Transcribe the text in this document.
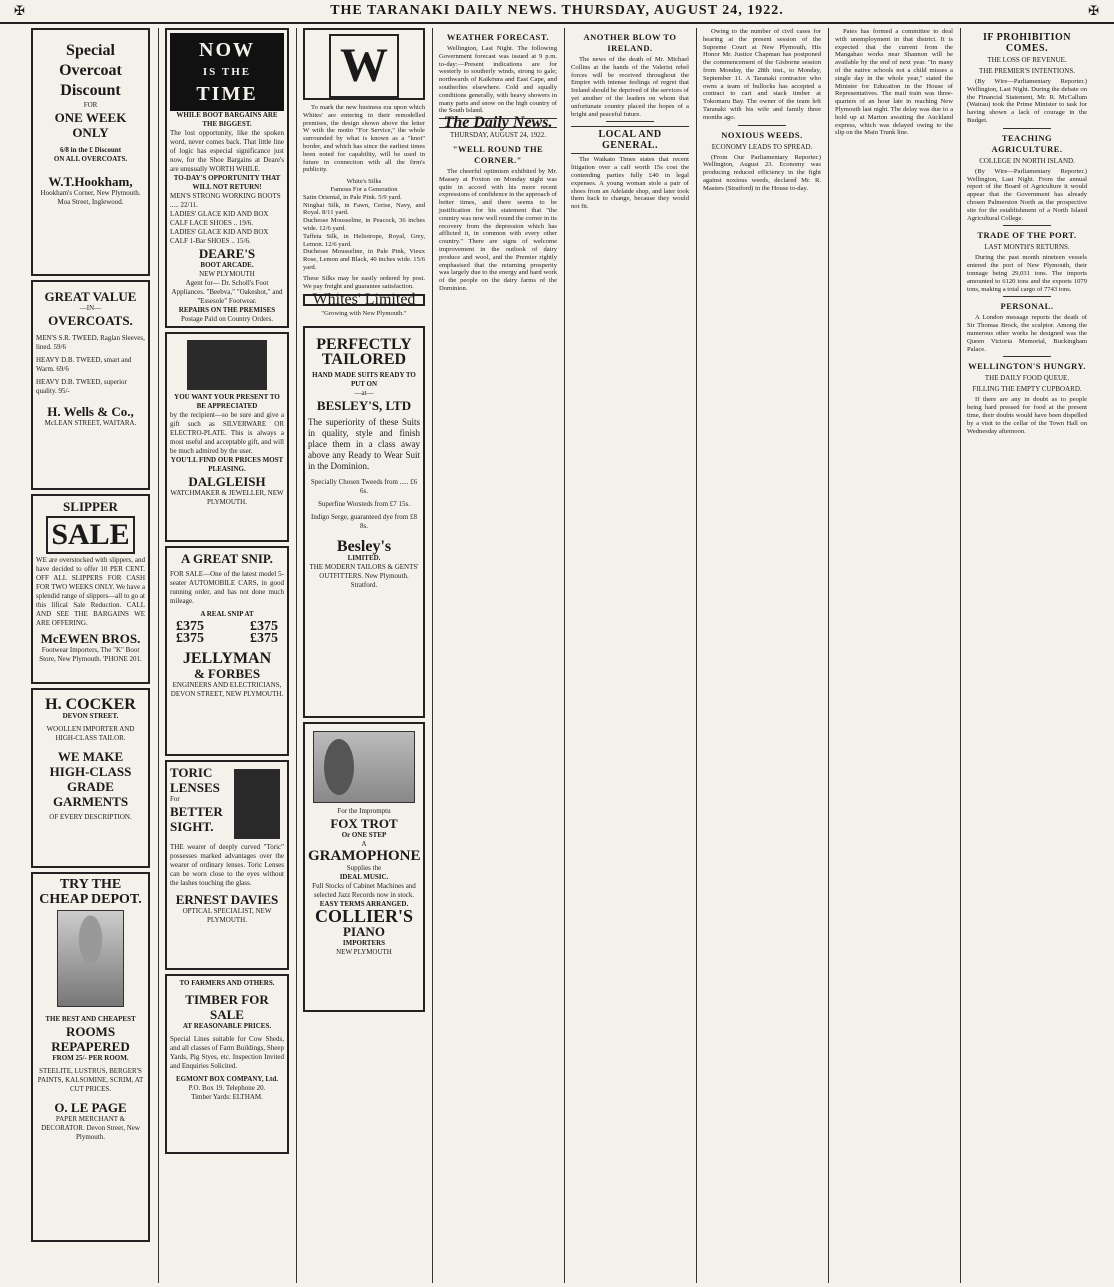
✠	THE TARANAKI DAILY NEWS. THURSDAY, AUGUST 24, 1922.	✠
Special
Overcoat
Discount
FOR
ONE WEEK
ONLY
6/8 in the £ Discount
ON ALL OVERCOATS.
W.T.Hookham,
Hookham's Corner, New Plymouth.
Moa Street, Inglewood.
GREAT VALUE
—IN—
OVERCOATS.
MEN'S S.R. TWEED, Raglan Sleeves, lined. 59/6
HEAVY D.B. TWEED, smart and Warm. 69/6
HEAVY D.B. TWEED, superior quality. 95/-
H. Wells & Co.,
McLEAN STREET, WAITARA.
SLIPPER
SALE
WE are overstocked with slippers, and have decided to offer 10 PER CENT. OFF ALL SLIPPERS FOR CASH FOR TWO WEEKS ONLY. We have a splendid range of slippers—all to go at this lifical Sale Reduction. CALL AND SEE THE BARGAINS WE ARE OFFERING.
McEWEN BROS.
Footwear Importers, The "K" Boot Store, New Plymouth. 'PHONE 201.
H. COCKER
DEVON STREET.
WOOLLEN IMPORTER AND HIGH-CLASS TAILOR.
WE MAKE
HIGH-CLASS
GRADE
GARMENTS
OF EVERY DESCRIPTION.
TRY THE CHEAP DEPOT.
THE BEST AND CHEAPEST
ROOMS REPAPERED
FROM 25/- PER ROOM.
STEELITE, LUSTRUS, BERGER'S PAINTS, KALSOMINE, SCRIM, AT CUT PRICES.
O. LE PAGE
PAPER MERCHANT & DECORATOR. Devon Street, New Plymouth.
NOW
IS THE
TIME
WHILE BOOT BARGAINS ARE THE BIGGEST.
The lost opportunity, like the spoken word, never comes back. That little line of logic has especial significance just now, for the Shoe Bargains at Deare's are unusually WORTH WHILE.
TO-DAY'S OPPORTUNITY THAT WILL NOT RETURN!
MEN'S STRONG WORKING BOOTS ..... 22/11.
LADIES' GLACE KID AND BOX CALF LACE SHOES .. 19/6.
LADIES' GLACE KID AND BOX CALF 1-Bar SHOES .. 15/6.
DEARE'S
BOOT ARCADE.
NEW PLYMOUTH
Agent for— Dr. Scholl's Foot Appliances. "Beebva," "Oakeshot," and "Essesole" Footwear.
REPAIRS ON THE PREMISES
Postage Paid on Country Orders.
YOU WANT YOUR PRESENT TO BE APPRECIATED
by the recipient—so be sure and give a gift such as SILVERWARE OR ELECTRO-PLATE. This is always a most useful and acceptable gift, and will be much admired by the user.
YOU'LL FIND OUR PRICES MOST PLEASING.
DALGLEISH
WATCHMAKER & JEWELLER, NEW PLYMOUTH.
A GREAT SNIP.
FOR SALE—One of the latest model 5-seater AUTOMOBILE CARS, in good running order, and has not done much mileage.
A REAL SNIP AT
£375	£375
£375	£375
JELLYMAN
& FORBES
ENGINEERS AND ELECTRICIANS, DEVON STREET, NEW PLYMOUTH.
TORIC
LENSES
For
BETTER
SIGHT.
THE wearer of deeply curved "Toric" possesses marked advantages over the wearer of ordinary lenses. Toric Lenses can be worn close to the eyes without the lashes touching the glass.
ERNEST DAVIES
OPTICAL SPECIALIST, NEW PLYMOUTH.
TO FARMERS AND OTHERS.
TIMBER FOR SALE
AT REASONABLE PRICES.
Special Lines suitable for Cow Sheds, and all classes of Farm Buildings, Sheep Yards, Pig Styes, etc. Inspection Invited and Enquiries Solicited.
EGMONT BOX COMPANY, Ltd.
P.O. Box 19. Telephone 20.
Timber Yards: ELTHAM.
W
To mark the new business era upon which Whites' are entering in their remodelled premises, the design shown above the letter W with the motto "For Service," the whole surrounded by what is known as a "knot" border, and which has since the earliest times been noted for capability, will be used in future in connection with all the firm's publicity.
White's Silks
Famous For a Generation
Satin Oriental, in Pale Pink. 5/9 yard.
Ninghai Silk, in Fawn, Cerise, Navy, and Royal. 8/11 yard.
Duchesse Mousseline, in Peacock, 36 inches wide. 12/6 yard.
Taffeta Silk, in Heliotrope, Royal, Grey, Lemon. 12/6 yard.
Duchesse Mousseline, in Pale Pink, Vieux Rose, Lemon and Black, 40 inches wide. 15/6 yard.
These Silks may be easily ordered by post. We pay freight and guarantee satisfaction.
Whites' Limited
"Growing with New Plymouth."
PERFECTLY
TAILORED
HAND MADE SUITS READY TO PUT ON
—at—
BESLEY'S, LTD
The superiority of these Suits in quality, style and finish place them in a class away above any Ready to Wear Suit in the Dominion.
Specially Chosen Tweeds from ..... £6 6s.
Superfine Worsteds from £7 15s.
Indigo Serge, guaranteed dye from £8 8s.
Besley's
LIMITED.
THE MODERN TAILORS & GENTS' OUTFITTERS. New Plymouth. Stratford.
For the Impromptu
FOX TROT
Or ONE STEP
A
GRAMOPHONE
Supplies the
IDEAL MUSIC.
Full Stocks of Cabinet Machines and selected Jazz Records now in stock.
EASY TERMS ARRANGED.
COLLIER'S
PIANO
IMPORTERS
NEW PLYMOUTH
WEATHER FORECAST.
Wellington, Last Night. The following Government forecast was issued at 9 p.m. to-day:—Present indications are for westerly to southerly winds, strong to gale; northwards of Kaikōura and East Cape, and southerlies elsewhere. Cold and squally conditions generally, with heavy showers in many parts and snow on the high country of the South Island.
The Daily News.
THURSDAY, AUGUST 24, 1922.
"WELL ROUND THE CORNER."
The cheerful optimism exhibited by Mr. Massey at Foxton on Monday night was quite in accord with his more recent expressions of confidence in the approach of better times, and there seems to be justification for his statement that "the country was now well round the corner in its recovery from the depression which has afflicted it, in common with every other country." There are signs of welcome improvement in the outlook of dairy produce and wool, and the Premier rightly emphasised that the returning prosperity was largely due to the energy and hard work of the people on the dairy farms of the Dominion.
ANOTHER BLOW TO IRELAND.
The news of the death of Mr. Michael Collins at the hands of the Valerist rebel forces will be received throughout the Empire with intense feelings of regret that Ireland should be deprived of the services of yet another of the leaders on whom that unfortunate country placed the hopes of a bright and peaceful future.
LOCAL AND GENERAL.
The Waikato Times states that recent litigation over a calf worth 15s cost the contending parties fully £40 in legal expenses. A young woman stole a pair of shoes from an Adelaide shop, and later took them back to change, because they would not fit.
Owing to the number of civil cases for hearing at the present session of the Supreme Court at New Plymouth, His Honor Mr. Justice Chapman has postponed the commencement of the Gisborne session from Monday, the 28th inst., to Monday, September 11. A Taranaki contractor who owns a team of bullocks has accepted a contract to cart and stack timber at Tokomaru Bay. The owner of the team left Taranaki with his wife and family three months ago.
NOXIOUS WEEDS.
ECONOMY LEADS TO SPREAD.
(From Our Parliamentary Reporter.) Wellington, August 23. Economy was producing reduced efficiency in the fight against noxious weeds, declared Mr. R. Masters (Stratford) in the House to-day.
Pates has formed a committee to deal with unemployment in that district. It is expected that the current from the Mangahao works near Shannon will be available by the end of next year. "In many of the native schools not a child misses a single day in the whole year," stated the Minister for Education in the House of Representatives. The mail train was three-quarters of an hour late in reaching New Plymouth last night. The delay was due to a hold up at Marton awaiting the Auckland express, which was delayed owing to the slip on the Main Trunk line.
IF PROHIBITION COMES.
THE LOSS OF REVENUE.
THE PREMIER'S INTENTIONS.
(By Wire—Parliamentary Reporter.) Wellington, Last Night. During the debate on the Financial Statement, Mr. R. McCallum (Wairau) took the Prime Minister to task for having shown a lack of courage in the Budget.
TEACHING AGRICULTURE.
COLLEGE IN NORTH ISLAND.
(By Wire—Parliamentary Reporter.) Wellington, Last Night. From the annual report of the Board of Agriculture it would appear that the Government has already chosen Palmerston North as the prospective site for the establishment of a North Island Agricultural College.
TRADE OF THE PORT.
LAST MONTH'S RETURNS.
During the past month nineteen vessels entered the port of New Plymouth, their tonnage being 29,031 tons. The imports amounted to 6120 tons and the exports 1079 tons, making a total cargo of 7743 tons.
PERSONAL.
A London message reports the death of Sir Thomas Brock, the sculptor. Among the numerous other works he designed was the Queen Victoria Memorial, Buckingham Palace.
WELLINGTON'S HUNGRY.
THE DAILY FOOD QUEUE.
FILLING THE EMPTY CUPBOARD.
If there are any in doubt as to people being hard pressed for food at the present time, their doubts would have been dispelled by a visit to the cellar of the Town Hall on Wednesday afternoon.
